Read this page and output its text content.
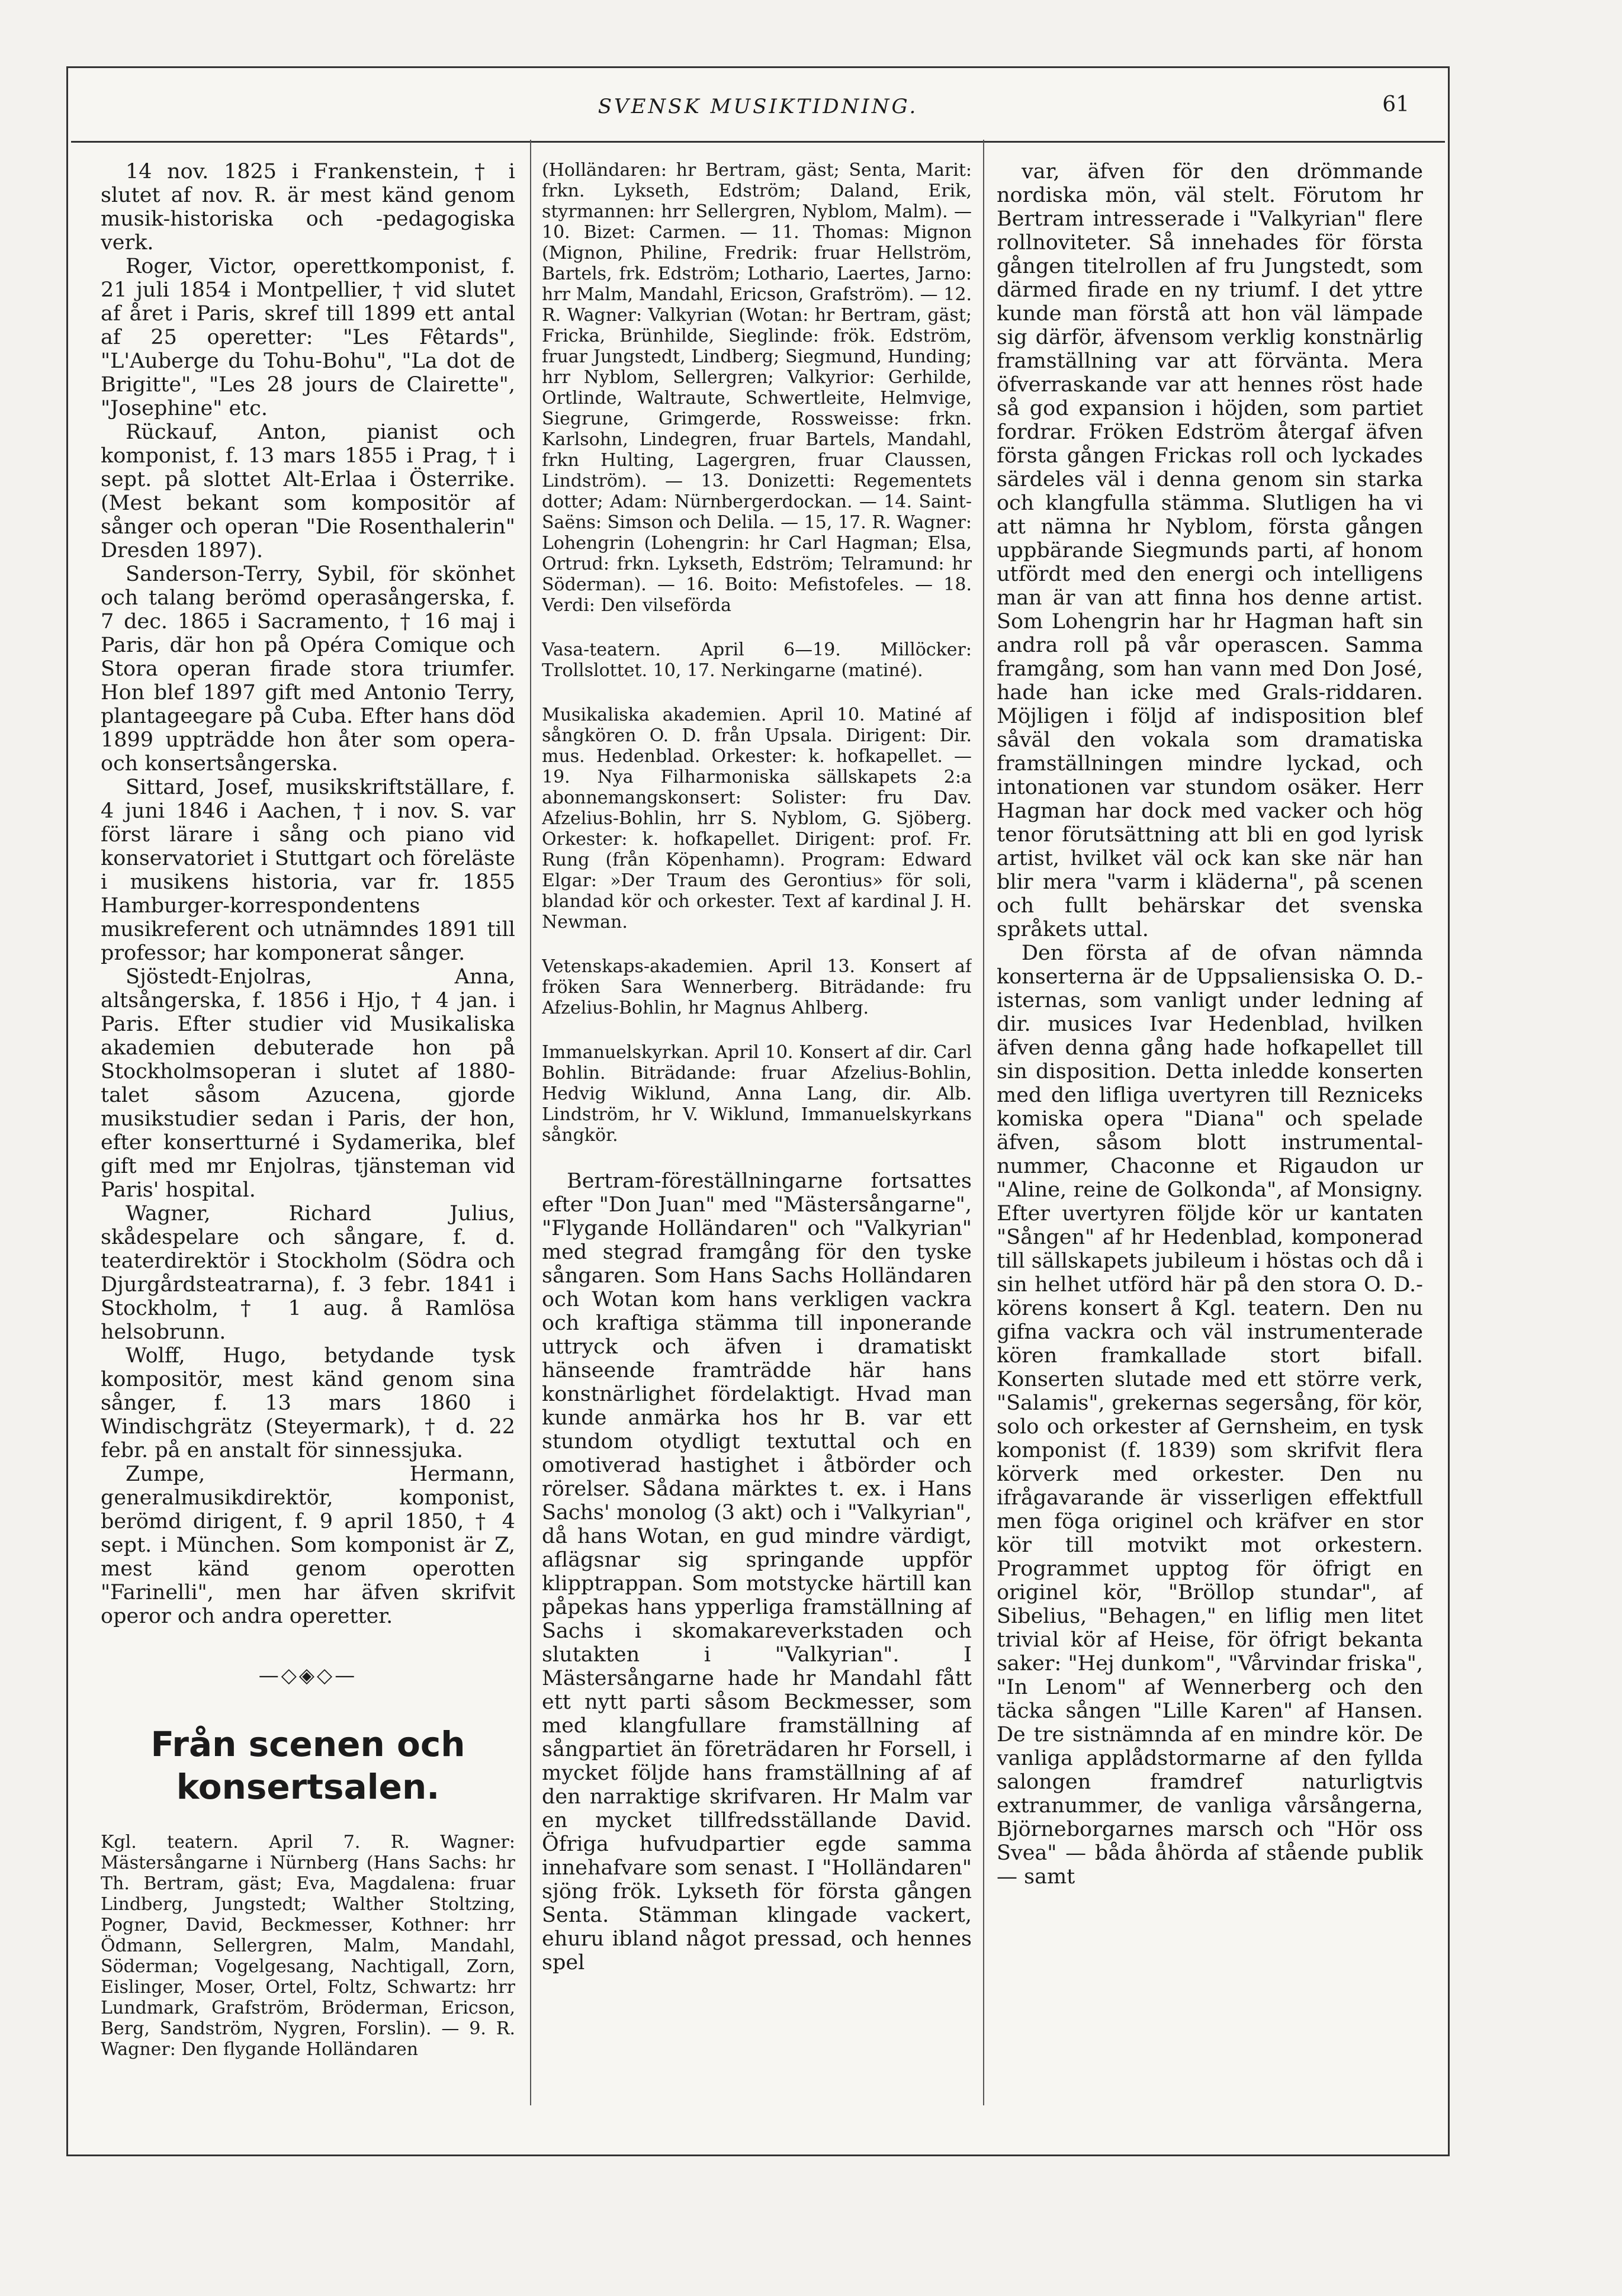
SVENSK MUSIKTIDNING.	61

14 nov. 1825 i Frankenstein, † i slutet af nov. R. är mest känd genom musik-historiska och -pedagogiska verk.

Roger, Victor, operettkomponist, f. 21 juli 1854 i Montpellier, † vid slutet af året i Paris, skref till 1899 ett antal af 25 operetter: "Les Fêtards", "L'Auberge du Tohu-Bohu", "La dot de Brigitte", "Les 28 jours de Clairette", "Josephine" etc.

Rückauf, Anton, pianist och komponist, f. 13 mars 1855 i Prag, † i sept. på slottet Alt-Erlaa i Österrike. (Mest bekant som kompositör af sånger och operan "Die Rosenthalerin" Dresden 1897).

Sanderson-Terry, Sybil, för skönhet och talang berömd operasångerska, f. 7 dec. 1865 i Sacramento, † 16 maj i Paris, där hon på Opéra Comique och Stora operan firade stora triumfer. Hon blef 1897 gift med Antonio Terry, plantageegare på Cuba. Efter hans död 1899 uppträdde hon åter som opera- och konsertsångerska.

Sittard, Josef, musikskriftställare, f. 4 juni 1846 i Aachen, † i nov. S. var först lärare i sång och piano vid konservatoriet i Stuttgart och föreläste i musikens historia, var fr. 1855 Hamburger-korrespondentens musikreferent och utnämndes 1891 till professor; har komponerat sånger.

Sjöstedt-Enjolras, Anna, altsångerska, f. 1856 i Hjo, † 4 jan. i Paris. Efter studier vid Musikaliska akademien debuterade hon på Stockholmsoperan i slutet af 1880-talet såsom Azucena, gjorde musikstudier sedan i Paris, der hon, efter konsertturné i Sydamerika, blef gift med mr Enjolras, tjänsteman vid Paris' hospital.

Wagner, Richard Julius, skådespelare och sångare, f. d. teaterdirektör i Stockholm (Södra och Djurgårdsteatrarna), f. 3 febr. 1841 i Stockholm, † 1 aug. å Ramlösa helsobrunn.

Wolff, Hugo, betydande tysk kompositör, mest känd genom sina sånger, f. 13 mars 1860 i Windischgrätz (Steyermark), † d. 22 febr. på en anstalt för sinnessjuka.

Zumpe, Hermann, generalmusikdirektör, komponist, berömd dirigent, f. 9 april 1850, † 4 sept. i München. Som komponist är Z, mest känd genom operotten "Farinelli", men har äfven skrifvit operor och andra operetter.

—◇◈◇—
Från scenen och konsertsalen.

Kgl. teatern. April 7. R. Wagner: Mästersångarne i Nürnberg (Hans Sachs: hr Th. Bertram, gäst; Eva, Magdalena: fruar Lindberg, Jungstedt; Walther Stoltzing, Pogner, David, Beckmesser, Kothner: hrr Ödmann, Sellergren, Malm, Mandahl, Söderman; Vogelgesang, Nachtigall, Zorn, Eislinger, Moser, Ortel, Foltz, Schwartz: hrr Lundmark, Grafström, Bröderman, Ericson, Berg, Sandström, Nygren, Forslin). — 9. R. Wagner: Den flygande Holländaren

(Holländaren: hr Bertram, gäst; Senta, Marit: frkn. Lykseth, Edström; Daland, Erik, styrmannen: hrr Sellergren, Nyblom, Malm). — 10. Bizet: Carmen. — 11. Thomas: Mignon (Mignon, Philine, Fredrik: fruar Hellström, Bartels, frk. Edström; Lothario, Laertes, Jarno: hrr Malm, Mandahl, Ericson, Grafström). — 12. R. Wagner: Valkyrian (Wotan: hr Bertram, gäst; Fricka, Brünhilde, Sieglinde: frök. Edström, fruar Jungstedt, Lindberg; Siegmund, Hunding; hrr Nyblom, Sellergren; Valkyrior: Gerhilde, Ortlinde, Waltraute, Schwertleite, Helmvige, Siegrune, Grimgerde, Rossweisse: frkn. Karlsohn, Lindegren, fruar Bartels, Mandahl, frkn Hulting, Lagergren, fruar Claussen, Lindström). — 13. Donizetti: Regementets dotter; Adam: Nürnbergerdockan. — 14. Saint-Saëns: Simson och Delila. — 15, 17. R. Wagner: Lohengrin (Lohengrin: hr Carl Hagman; Elsa, Ortrud: frkn. Lykseth, Edström; Telramund: hr Söderman). — 16. Boito: Mefistofeles. — 18. Verdi: Den vilseförda

Vasa-teatern. April 6—19. Millöcker: Trollslottet. 10, 17. Nerkingarne (matiné).

Musikaliska akademien. April 10. Matiné af sångkören O. D. från Upsala. Dirigent: Dir. mus. Hedenblad. Orkester: k. hofkapellet. — 19. Nya Filharmoniska sällskapets 2:a abonnemangskonsert: Solister: fru Dav. Afzelius-Bohlin, hrr S. Nyblom, G. Sjöberg. Orkester: k. hofkapellet. Dirigent: prof. Fr. Rung (från Köpenhamn). Program: Edward Elgar: »Der Traum des Gerontius» för soli, blandad kör och orkester. Text af kardinal J. H. Newman.

Vetenskaps-akademien. April 13. Konsert af fröken Sara Wennerberg. Biträdande: fru Afzelius-Bohlin, hr Magnus Ahlberg.

Immanuelskyrkan. April 10. Konsert af dir. Carl Bohlin. Biträdande: fruar Afzelius-Bohlin, Hedvig Wiklund, Anna Lang, dir. Alb. Lindström, hr V. Wiklund, Immanuelskyrkans sångkör.

Bertram-föreställningarne fortsattes efter "Don Juan" med "Mästersångarne", "Flygande Holländaren" och "Valkyrian" med stegrad framgång för den tyske sångaren. Som Hans Sachs Holländaren och Wotan kom hans verkligen vackra och kraftiga stämma till inponerande uttryck och äfven i dramatiskt hänseende framträdde här hans konstnärlighet fördelaktigt. Hvad man kunde anmärka hos hr B. var ett stundom otydligt textuttal och en omotiverad hastighet i åtbörder och rörelser. Sådana märktes t. ex. i Hans Sachs' monolog (3 akt) och i "Valkyrian", då hans Wotan, en gud mindre värdigt, aflägsnar sig springande uppför klipptrappan. Som motstycke härtill kan påpekas hans ypperliga framställning af Sachs i skomakareverkstaden och slutakten i "Valkyrian". I Mästersångarne hade hr Mandahl fått ett nytt parti såsom Beckmesser, som med klangfullare framställning af sångpartiet än företrädaren hr Forsell, i mycket följde hans framställning af af den narraktige skrifvaren. Hr Malm var en mycket tillfredsställande David. Öfriga hufvudpartier egde samma innehafvare som senast. I "Holländaren" sjöng frök. Lykseth för första gången Senta. Stämman klingade vackert, ehuru ibland något pressad, och hennes spel

var, äfven för den drömmande nordiska mön, väl stelt. Förutom hr Bertram intresserade i "Valkyrian" flere rollnoviteter. Så innehades för första gången titelrollen af fru Jungstedt, som därmed firade en ny triumf. I det yttre kunde man förstå att hon väl lämpade sig därför, äfvensom verklig konstnärlig framställning var att förvänta. Mera öfverraskande var att hennes röst hade så god expansion i höjden, som partiet fordrar. Fröken Edström återgaf äfven första gången Frickas roll och lyckades särdeles väl i denna genom sin starka och klangfulla stämma. Slutligen ha vi att nämna hr Nyblom, första gången uppbärande Siegmunds parti, af honom utfördt med den energi och intelligens man är van att finna hos denne artist. Som Lohengrin har hr Hagman haft sin andra roll på vår operascen. Samma framgång, som han vann med Don José, hade han icke med Grals-riddaren. Möjligen i följd af indisposition blef såväl den vokala som dramatiska framställningen mindre lyckad, och intonationen var stundom osäker. Herr Hagman har dock med vacker och hög tenor förutsättning att bli en god lyrisk artist, hvilket väl ock kan ske när han blir mera "varm i kläderna", på scenen och fullt behärskar det svenska språkets uttal.

Den första af de ofvan nämnda konserterna är de Uppsaliensiska O. D.-isternas, som vanligt under ledning af dir. musices Ivar Hedenblad, hvilken äfven denna gång hade hofkapellet till sin disposition. Detta inledde konserten med den lifliga uvertyren till Rezniceks komiska opera "Diana" och spelade äfven, såsom blott instrumental-nummer, Chaconne et Rigaudon ur "Aline, reine de Golkonda", af Monsigny. Efter uvertyren följde kör ur kantaten "Sången" af hr Hedenblad, komponerad till sällskapets jubileum i höstas och då i sin helhet utförd här på den stora O. D.-körens konsert å Kgl. teatern. Den nu gifna vackra och väl instrumenterade kören framkallade stort bifall. Konserten slutade med ett större verk, "Salamis", grekernas segersång, för kör, solo och orkester af Gernsheim, en tysk komponist (f. 1839) som skrifvit flera körverk med orkester. Den nu ifrågavarande är visserligen effektfull men föga originel och kräfver en stor kör till motvikt mot orkestern. Programmet upptog för öfrigt en originel kör, "Bröllop stundar", af Sibelius, "Behagen," en liflig men litet trivial kör af Heise, för öfrigt bekanta saker: "Hej dunkom", "Vårvindar friska", "In Lenom" af Wennerberg och den täcka sången "Lille Karen" af Hansen. De tre sistnämnda af en mindre kör. De vanliga applådstormarne af den fyllda salongen framdref naturligtvis extranummer, de vanliga vårsångerna, Björneborgarnes marsch och "Hör oss Svea" — båda åhörda af stående publik — samt
